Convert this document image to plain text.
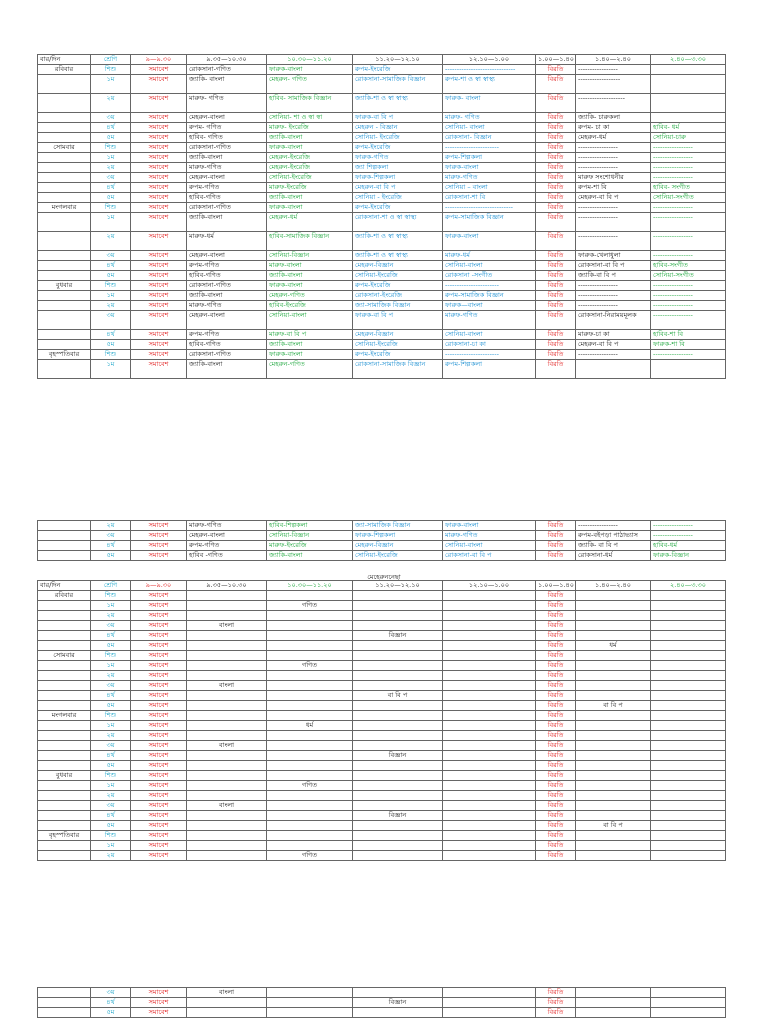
বার/দিন	শ্রেণি	৯—৯.৩০	৯.৩৫—১০.৩০	১০.৩০—১১.২০	১১.২০—১২.১০	১২.১০—১.০০	১.০০—১.৪০	১.৪০—২.৪০	২.৪০—৩.৩০
রবিবার	শিশু	সমাবেশ	রোকসানা-গণিত	ফারুক-বাংলা	রুপম-ইংরেজি	------------------------------	বিরতি	-----------------	
	১ম	সমাবেশ	জ্যাকি- বাংলা	মেহরুন- গণিত	রোকসানা-সামাজিক বিজ্ঞান	রুপম-শা ও স্বা স্বাস্থ্য	বিরতি	------------------	
	২য়	সমাবেশ	মারুফ- গণিত	হাবিব- সামাজিক বিজ্ঞান	জ্যাকি-শা ও স্বা স্বাস্থ্য	ফারুক- বাংলা	বিরতি	--------------------	
	৩য়	সমাবেশ	মেহরুন-বাংলা	সোনিয়া- শা ও স্বা স্বা	ফারুক-বা বি প	মারুফ- গণিত	বিরতি	জ্যাকি- চারুকলা	
	৪র্থ	সমাবেশ	রুপম- গণিত	মারুফ- ইংরেজি	মেহরুন - বিজ্ঞান	সোনিয়া- বাংলা	বিরতি	রুপম- চা কা	হাবিব- ধর্ম
	৫ম	সমাবেশ	হাবিব- গণিত	জ্যাকি-বাংলা	সোনিয়া- ইংরেজি	রোকসানা- বিজ্ঞান	বিরতি	মেহরুন-ধর্ম	সোনিয়া-চারু
সোমবার	শিশু	সমাবেশ	রোকসানা-গণিত	ফারুক-বাংলা	রুপম-ইংরেজি	-----------------------	বিরতি	-----------------	-----------------
	১ম	সমাবেশ	জ্যাকি-বাংলা	মেহরুন-ইংরেজি	ফারুক-গণিত	রুপম-শিল্পকলা	বিরতি	-----------------	-----------------
	২য়	সমাবেশ	মারুফ-গণিত	মেহরুন-ইংরেজি	জ্যা শিল্পকলা	ফারুক-বাংলা	বিরতি	-----------------	-----------------
	৩য়	সমাবেশ	মেহরুন-বাংলা	সোনিয়া-ইংরেজি	ফারুক-শিল্পকলা	মারুফ-গণিত	বিরতি	মারুফ সংশোধনীর	-----------------
	৪র্থ	সমাবেশ	রুপম-গণিত	মারুফ-ইংরেজি	মেহরুন-বা বি প	সোনিয়া – বাংলা	বিরতি	রুপম-শা বি	হাবিব- সংগীত
	৫ম	সমাবেশ	হাবিব-গণিত	জ্যাকি-বাংলা	সোনিয়া - ইংরেজি	রোকসানা-শা বি	বিরতি	মেহরুন-বা বি প	সোনিয়া-সংগীত
মংগলবার	শিশু	সমাবেশ	রোকসানা-গণিত	ফারুক-বাংলা	রুপম-ইংরেজি	-----------------------------	বিরতি	-----------------	-----------------
	১ম	সমাবেশ	জ্যাকি-বাংলা	মেহরুন-ধর্ম	রোকসানা-শা ও স্বা স্বাস্থ্য	রুপম-সামাজিক বিজ্ঞান	বিরতি	-----------------	-----------------
	২য়	সমাবেশ	মারুফ-ধর্ম	হাবিব-সামাজিক বিজ্ঞান	জ্যাকি-শা ও স্বা স্বাস্থ্য	ফারুক-বাংলা	বিরতি	-----------------	-----------------
	৩য়	সমাবেশ	মেহরুন-বাংলা	সোনিয়া-বিজ্ঞান	জ্যাকি-শা ও স্বা স্বাস্থ্য	মারুফ-ধর্ম	বিরতি	ফারুক-খেলাধুলা	-----------------
	৪র্থ	সমাবেশ	রুপম-গণিত	মারুফ-বাংলা	মেহরুন-বিজ্ঞান	সোনিয়া-বাংলা	বিরতি	রোকসানা-বা বি প	হাবিব-সংগীত
	৫ম	সমাবেশ	হাবিব-গণিত	জ্যাকি-বাংলা	সোনিয়া-ইংরেজি	রোকসানা -সংগীত	বিরতি	জ্যাকি-বা বি প	সোনিয়া-সংগীত
বুধবার	শিশু	সমাবেশ	রোকসানা-গণিত	ফারুক-বাংলা	রুপম-ইংরেজি	-----------------------	বিরতি	-----------------	-----------------
	১ম	সমাবেশ	জ্যাকি-বাংলা	মেহরুন-গণিত	রোকসানা-ইংরেজি	রুপম-সামাজিক বিজ্ঞান	বিরতি	-----------------	-----------------
	২য়	সমাবেশ	মারুফ-গণিত	হাবিব-ইংরেজি	জ্যা-সামাজিক বিজ্ঞান	ফারুক—বাংলা	বিরতি	-----------------	-----------------
	৩য়	সমাবেশ	মেহরুন-বাংলা	সোনিয়া-বাংলা	ফারুক-বা বি প	মারুফ-গণিত	বিরতি	রোকসানা-নিরাময়মূলক	-----------------
	৪র্থ	সমাবেশ	রুপম-গণিত	মারুফ-বা বি প	মেহরুন-বিজ্ঞান	সোনিয়া-বাংলা	বিরতি	মারুফ-চা কা	হাবিব-শা বি
	৫ম	সমাবেশ	হাবিব-গণিত	জ্যাকি-বাংলা	সোনিয়া-ইংরেজি	রোকসানা-চা কা	বিরতি	মেহরুন-বা বি প	ফারুক-শা বি
বৃহস্পতিবার	শিশু	সমাবেশ	রোকসানা-গণিত	ফারুক-বাংলা	রুপম-ইংরেজি	-----------------------	বিরতি	-----------------	-----------------
	১ম	সমাবেশ	জ্যাকি-বাংলা	মেহরুন-গণিত	রোকসানা-সামাজিক বিজ্ঞান	রুপম-শিল্পকলা	বিরতি		
	২য়	সমাবেশ	মারুফ-গণিত	হাবিব-শিল্পকলা	জ্যা-সামাজিক বিজ্ঞান	ফারুক-বাংলা	বিরতি	-----------------	-----------------
	৩য়	সমাবেশ	মেহরুন-বাংলা	সোনিয়া-বিজ্ঞান	ফারুক-শিল্পকলা	মারুফ-গণিত	বিরতি	রুপম-বইপড়া পাঠাভ্যাস	-----------------
	৪র্থ	সমাবেশ	রুপম-গণিত	মারুফ-ইংরেজি	মেহরুন-বিজ্ঞান	সোনিয়া-বাংলা	বিরতি	জ্যাকি- বা বি প	হাবিব-ধর্ম
	৫ম	সমাবেশ	হাবিব -গণিত	জ্যাকি-বাংলা	সোনিয়া-ইংরেজি	রোকসানা-বা বি প	বিরতি	রোকসানা-ধর্ম	ফারুক-বিজ্ঞান
মেহেরুননেছা
বার/দিন	শ্রেণি	৯—৯.৩০	৯.৩৫—১০.৩০	১০.৩০—১১.২০	১১.২০—১২.১০	১২.১০—১.০০	১.০০—১.৪০	১.৪০—২.৪০	২.৪০—৩.৩০
রবিবার	শিশু	সমাবেশ					বিরতি		
	১ম	সমাবেশ		গণিত			বিরতি		
	২য়	সমাবেশ					বিরতি		
	৩য়	সমাবেশ	বাংলা				বিরতি		
	৪র্থ	সমাবেশ			বিজ্ঞান		বিরতি		
	৫ম	সমাবেশ					বিরতি	ধর্ম	
সোমবার	শিশু	সমাবেশ					বিরতি		
	১ম	সমাবেশ		গণিত			বিরতি		
	২য়	সমাবেশ					বিরতি		
	৩য়	সমাবেশ	বাংলা				বিরতি		
	৪র্থ	সমাবেশ			বা বি প		বিরতি		
	৫ম	সমাবেশ					বিরতি	বা বি প	
মংগলবার	শিশু	সমাবেশ					বিরতি		
	১ম	সমাবেশ		ধর্ম			বিরতি		
	২য়	সমাবেশ					বিরতি		
	৩য়	সমাবেশ	বাংলা				বিরতি		
	৪র্থ	সমাবেশ			বিজ্ঞান		বিরতি		
	৫ম	সমাবেশ					বিরতি		
বুধবার	শিশু	সমাবেশ					বিরতি		
	১ম	সমাবেশ		গণিত			বিরতি		
	২য়	সমাবেশ					বিরতি		
	৩য়	সমাবেশ	বাংলা				বিরতি		
	৪র্থ	সমাবেশ			বিজ্ঞান		বিরতি		
	৫ম	সমাবেশ					বিরতি	বা বি প	
বৃহস্পতিবার	শিশু	সমাবেশ					বিরতি		
	১ম	সমাবেশ					বিরতি		
	২য়	সমাবেশ		গণিত			বিরতি		
	৩য়	সমাবেশ	বাংলা				বিরতি		
	৪র্থ	সমাবেশ			বিজ্ঞান		বিরতি		
	৫ম	সমাবেশ					বিরতি		
